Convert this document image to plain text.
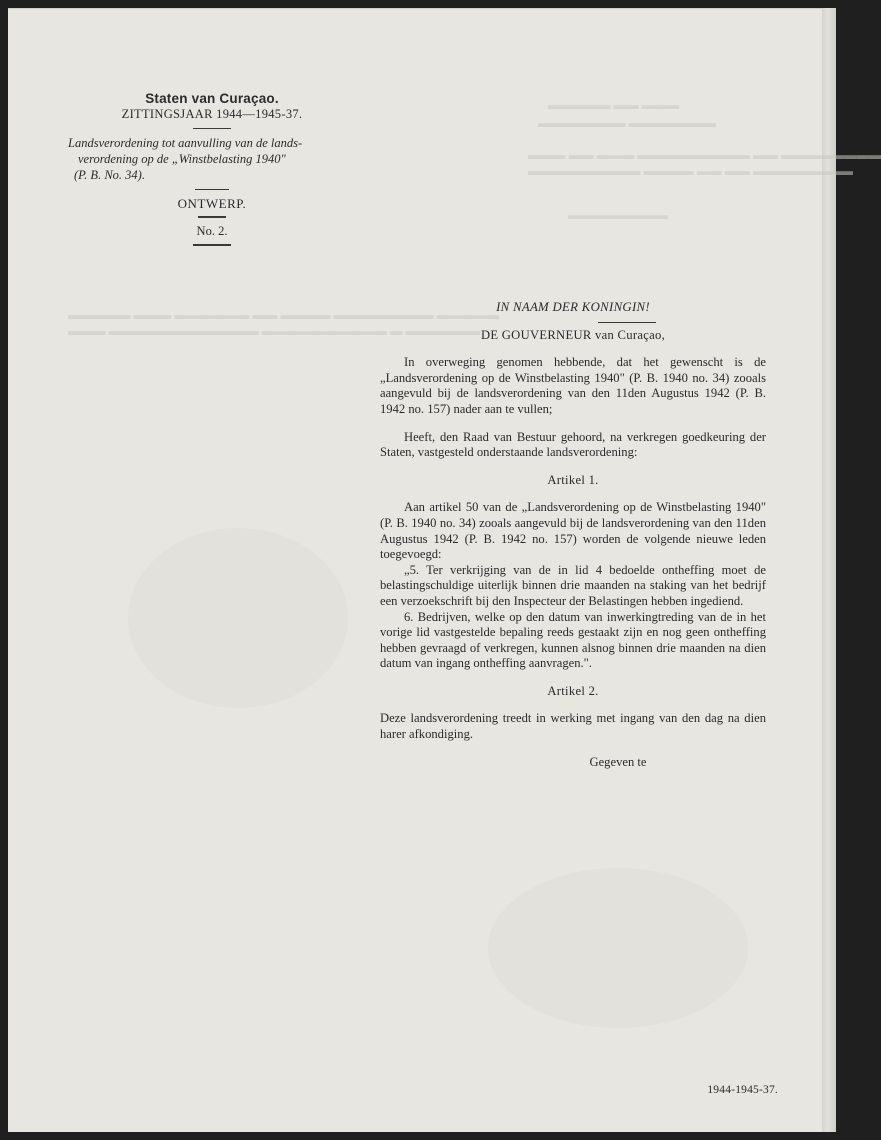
▬▬▬ ▬▬ ▬▬▬▬▬
▬▬▬▬▬▬▬ ▬▬▬▬▬▬▬
▬▬▬▬▬▬▬▬ ▬▬ ▬▬▬▬▬▬▬▬▬ ▬▬▬ ▬▬ ▬▬▬
▬▬▬▬▬▬▬▬ ▬▬ ▬▬ ▬▬▬▬ ▬▬▬▬▬▬▬▬▬
▬▬▬▬▬▬▬▬
▬▬▬▬▬ ▬▬▬▬▬▬▬▬ ▬▬▬▬ ▬▬ ▬▬▬▬▬▬ ▬▬▬ ▬▬▬▬▬
▬▬▬▬▬▬ ▬ ▬▬▬▬▬▬▬▬▬▬ ▬▬▬▬▬▬▬▬▬▬▬▬ ▬▬▬
Staten van Curaçao.
ZITTINGSJAAR 1944—1945-37.
Landsverordening tot aanvulling van de lands-
verordening op de „Winstbelasting 1940"
(P. B. No. 34).
ONTWERP.
No. 2.
IN NAAM DER KONINGIN!
DE GOUVERNEUR van Curaçao,

In overweging genomen hebbende, dat het gewenscht is de „Landsverordening op de Winstbelasting 1940" (P. B. 1940 no. 34) zooals aangevuld bij de landsverordening van den 11den Augustus 1942 (P. B. 1942 no. 157) nader aan te vullen;

Heeft, den Raad van Bestuur gehoord, na verkregen goedkeuring der Staten, vastgesteld onderstaande landsverordening:

Artikel 1.

Aan artikel 50 van de „Landsverordening op de Winstbelasting 1940" (P. B. 1940 no. 34) zooals aangevuld bij de landsverordening van den 11den Augustus 1942 (P. B. 1942 no. 157) worden de volgende nieuwe leden toegevoegd:

„5. Ter verkrijging van de in lid 4 bedoelde ontheffing moet de belastingschuldige uiterlijk binnen drie maanden na staking van het bedrijf een verzoekschrift bij den Inspecteur der Belastingen hebben ingediend.

6. Bedrijven, welke op den datum van inwerkingtreding van de in het vorige lid vastgestelde bepaling reeds gestaakt zijn en nog geen ontheffing hebben gevraagd of verkregen, kunnen alsnog binnen drie maanden na dien datum van ingang ontheffing aanvragen.".

Artikel 2.

Deze landsverordening treedt in werking met ingang van den dag na dien harer afkondiging.

Gegeven te
1944-1945-37.
